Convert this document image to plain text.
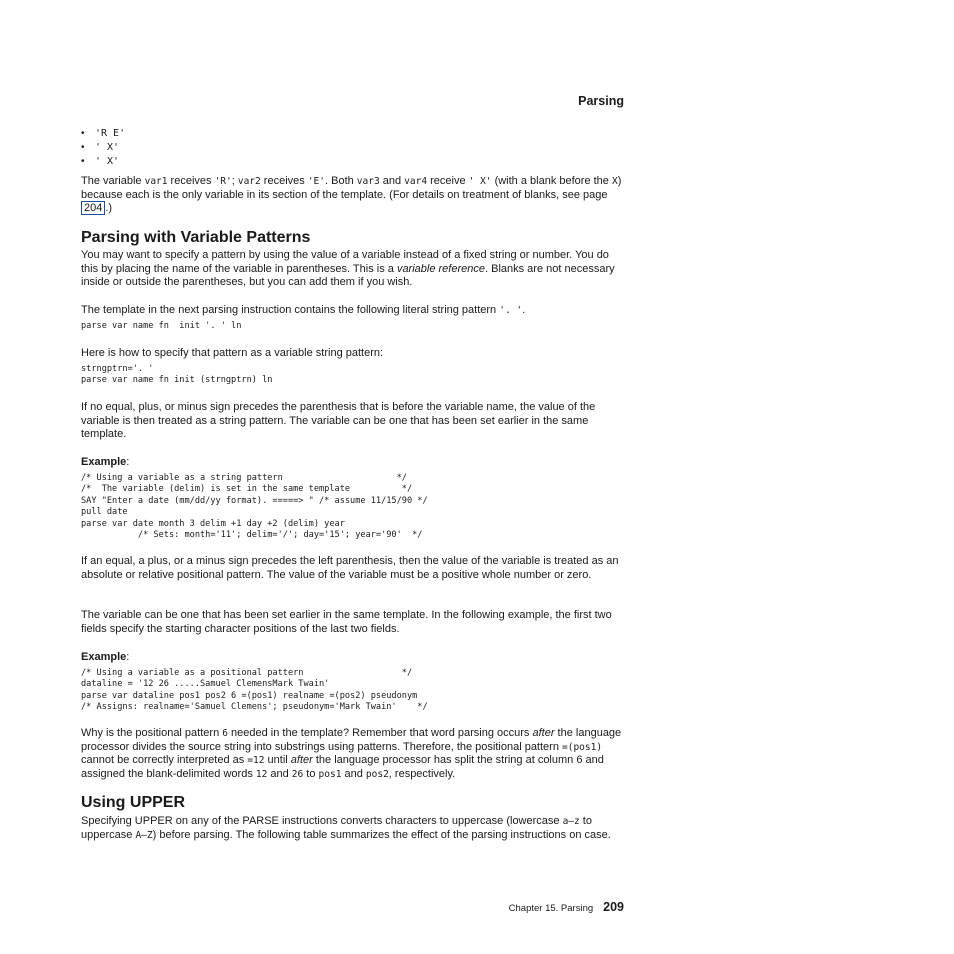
Parsing
• 'R E'
• ' X'
• ' X'

The variable var1 receives 'R'; var2 receives 'E'. Both var3 and var4 receive ' X' (with a blank before the X) because each is the only variable in its section of the template. (For details on treatment of blanks, see page 204 .)

Parsing with Variable Patterns

You may want to specify a pattern by using the value of a variable instead of a fixed string or number. You do this by placing the name of the variable in parentheses. This is a variable reference. Blanks are not necessary inside or outside the parentheses, but you can add them if you wish.

The template in the next parsing instruction contains the following literal string pattern '. '.

parse var name fn  init '. ' ln

Here is how to specify that pattern as a variable string pattern:

strngptrn='. '
parse var name fn init (strngptrn) ln

If no equal, plus, or minus sign precedes the parenthesis that is before the variable name, the value of the variable is then treated as a string pattern. The variable can be one that has been set earlier in the same template.

Example:

/* Using a variable as a string pattern                      */
/*  The variable (delim) is set in the same template          */
SAY "Enter a date (mm/dd/yy format). =====> " /* assume 11/15/90 */
pull date
parse var date month 3 delim +1 day +2 (delim) year
/* Sets: month='11'; delim='/'; day='15'; year='90'  */

If an equal, a plus, or a minus sign precedes the left parenthesis, then the value of the variable is treated as an absolute or relative positional pattern. The value of the variable must be a positive whole number or zero.

The variable can be one that has been set earlier in the same template. In the following example, the first two fields specify the starting character positions of the last two fields.

Example:

/* Using a variable as a positional pattern                   */
dataline = '12 26 .....Samuel ClemensMark Twain'
parse var dataline pos1 pos2 6 =(pos1) realname =(pos2) pseudonym
/* Assigns: realname='Samuel Clemens'; pseudonym='Mark Twain'    */

Why is the positional pattern 6 needed in the template? Remember that word parsing occurs after the language processor divides the source string into substrings using patterns. Therefore, the positional pattern =(pos1) cannot be correctly interpreted as =12 until after the language processor has split the string at column 6 and assigned the blank-delimited words 12 and 26 to pos1 and pos2, respectively.

Using UPPER

Specifying UPPER on any of the PARSE instructions converts characters to uppercase (lowercase a–z to uppercase A–Z) before parsing. The following table summarizes the effect of the parsing instructions on case.

Chapter 15. Parsing 209
